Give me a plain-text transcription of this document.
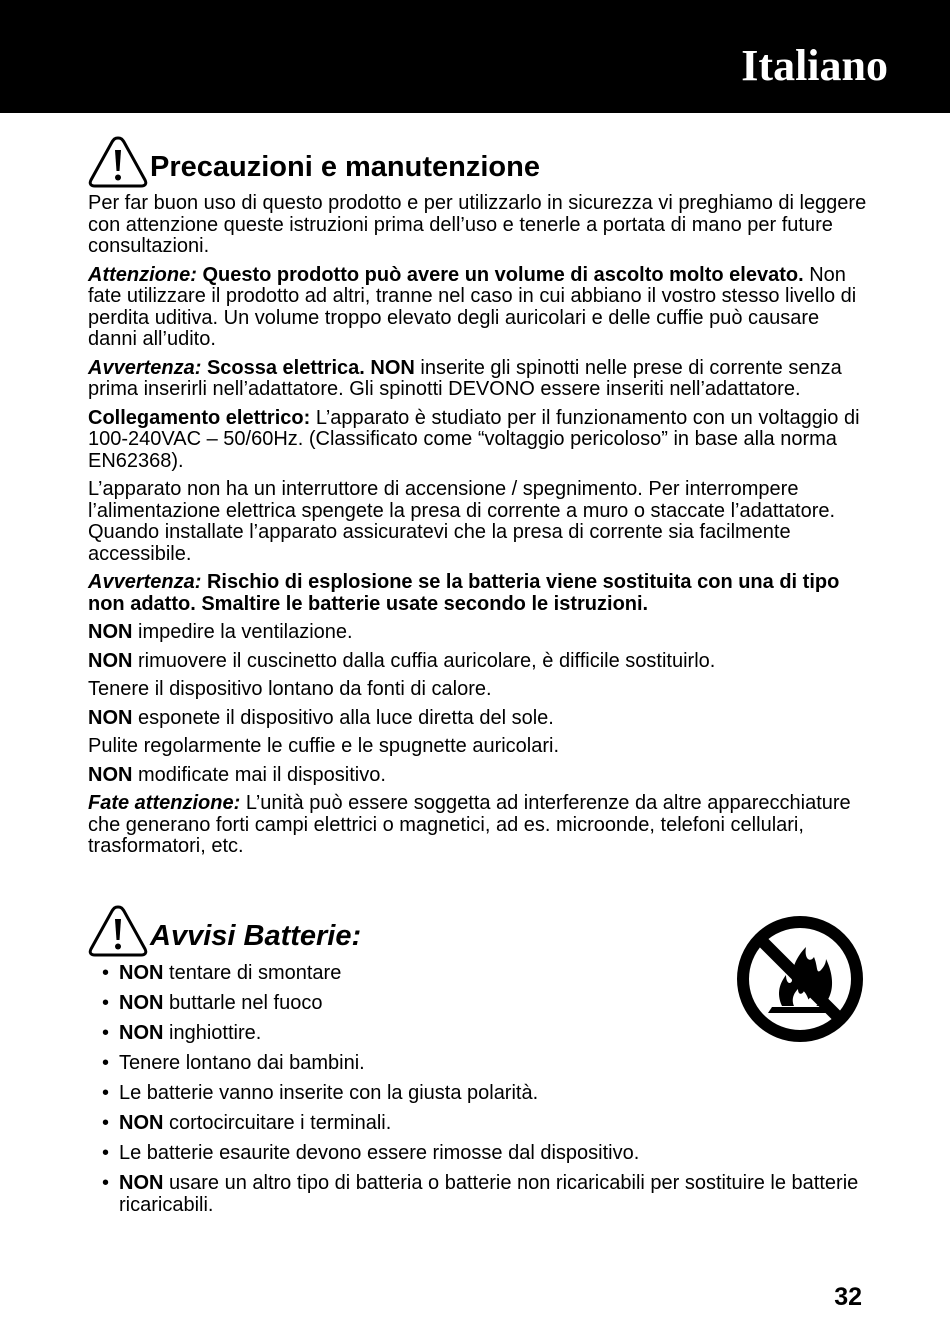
Italiano
Precauzioni e manutenzione

Per far buon uso di questo prodotto e per utilizzarlo in sicurezza vi preghiamo di leggere con attenzione queste istruzioni prima dell’uso e tenerle a portata di mano per future consultazioni.

Attenzione: Questo prodotto può avere un volume di ascolto molto elevato. Non fate utilizzare il prodotto ad altri, tranne nel caso in cui abbiano il vostro stesso livello di perdita uditiva. Un volume troppo elevato degli auricolari e delle cuffie può causare danni all’udito.

Avvertenza: Scossa elettrica. NON inserite gli spinotti nelle prese di corrente senza prima inserirli nell’adattatore. Gli spinotti DEVONO essere inseriti nell’adattatore.

Collegamento elettrico: L’apparato è studiato per il funzionamento con un voltaggio di 100-240VAC – 50/60Hz. (Classificato come “voltaggio pericoloso” in base alla norma EN62368).

L’apparato non ha un interruttore di accensione / spegnimento. Per interrompere l’alimentazione elettrica spengete la presa di corrente a muro o staccate l’adattatore. Quando installate l’apparato assicuratevi che la presa di corrente sia facilmente accessibile.

Avvertenza: Rischio di esplosione se la batteria viene sostituita con una di tipo non adatto. Smaltire le batterie usate secondo le istruzioni.

NON impedire la ventilazione.

NON rimuovere il cuscinetto dalla cuffia auricolare, è difficile sostituirlo.

Tenere il dispositivo lontano da fonti di calore.

NON esponete il dispositivo alla luce diretta del sole.

Pulite regolarmente le cuffie e le spugnette auricolari.

NON modificate mai il dispositivo.

Fate attenzione: L’unità può essere soggetta ad interferenze da altre apparecchiature che generano forti campi elettrici o magnetici, ad es. microonde, telefoni cellulari, trasformatori, etc.

Avvisi Batterie:
• NON tentare di smontare
• NON buttarle nel fuoco
• NON inghiottire.
• Tenere lontano dai bambini.
• Le batterie vanno inserite con la giusta polarità.
• NON cortocircuitare i terminali.
• Le batterie esaurite devono essere rimosse dal dispositivo.
• NON usare un altro tipo di batteria o batterie non ricaricabili per sostituire le batterie ricaricabili.
32
